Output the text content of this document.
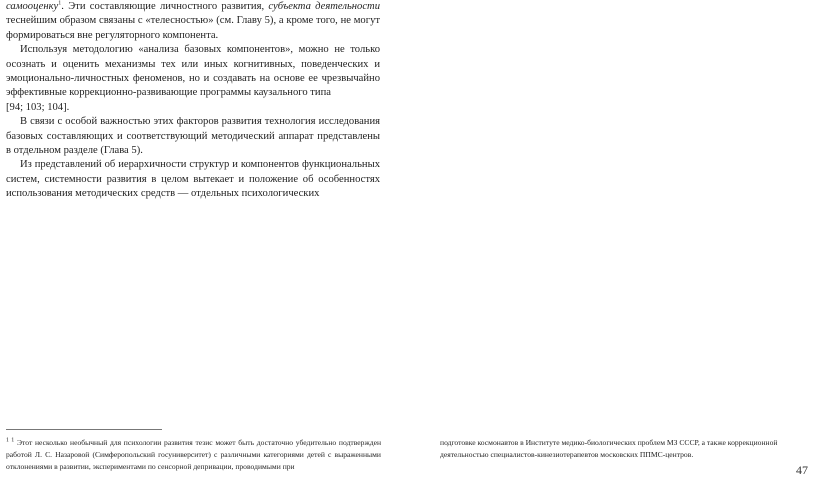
самооценку$^1$. Эти составляющие личностного развития, субъекта деятельности теснейшим образом связаны с «телесностью» (см. Главу 5), а кроме того, не могут формироваться вне регуляторного компонента.

Используя методологию «анализа базовых компонентов», можно не только осознать и оценить механизмы тех или иных когнитивных, поведенческих и эмоционально-личностных феноменов, но и создавать на основе ее чрезвычайно эффективные коррекционно-развивающие программы каузального типа

[94; 103; 104].

В связи с особой важностью этих факторов развития технология исследования базовых составляющих и соответствующий методический аппарат представлены в отдельном разделе (Глава 5).

Из представлений об иерархичности структур и компонентов функциональных систем, системности развития в целом вытекает и положение об особенностях использования методических средств — отдельных психологических

$^{1 1}$ Этот несколько необычный для психологии развития тезис может быть достаточно убедительно подтвержден работой Л. С. Назаровой (Симферопольский госуниверситет) с различными категориями детей с выраженными отклонениями в развитии, экспериментами по сенсорной депривации, проводимыми при

подготовке космонавтов в Институте медико-биологических проблем МЗ СССР, а также коррекционной деятельностью специалистов-кинезиотерапевтов московских ППМС-центров.

47
